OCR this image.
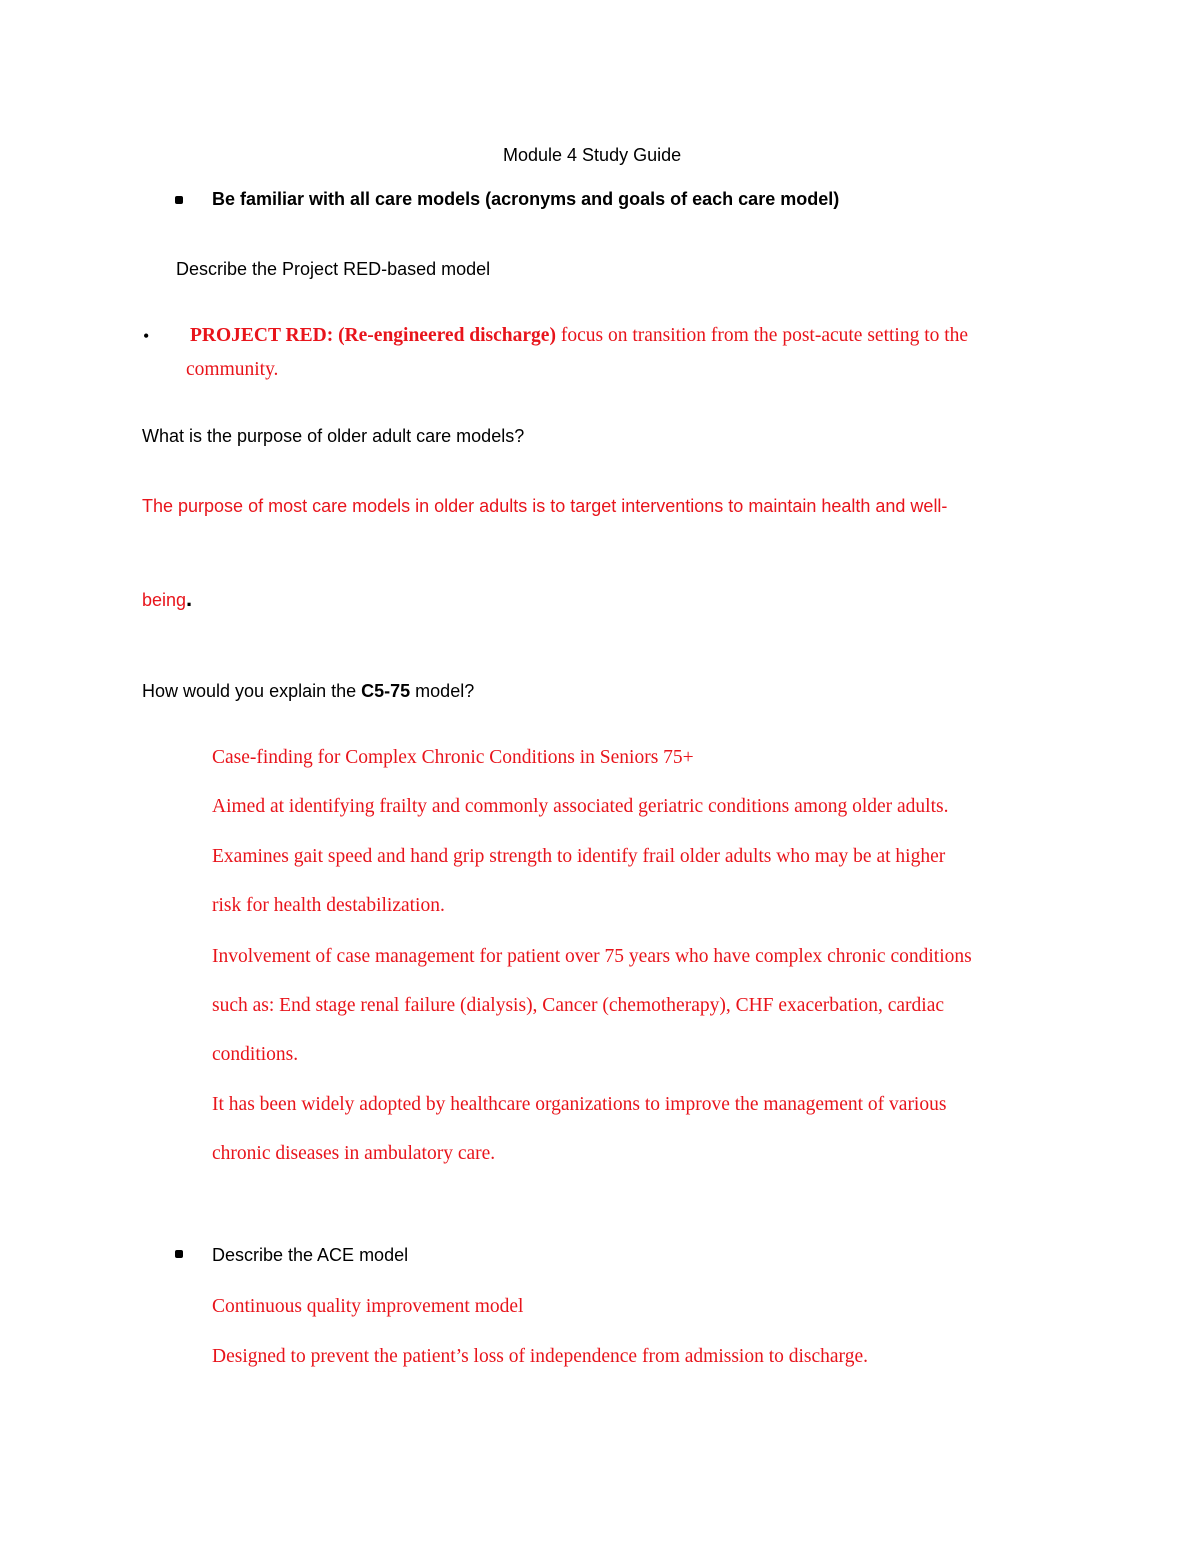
Module 4 Study Guide
Be familiar with all care models (acronyms and goals of each care model)
Describe the Project RED-based model
• PROJECT RED: (Re-engineered discharge) focus on transition from the post-acute setting to the
community.
What is the purpose of older adult care models?
The purpose of most care models in older adults is to target interventions to maintain health and well-
being.
How would you explain the C5-75 model?
Case-finding for Complex Chronic Conditions in Seniors 75+
Aimed at identifying frailty and commonly associated geriatric conditions among older adults.
Examines gait speed and hand grip strength to identify frail older adults who may be at higher
risk for health destabilization.
Involvement of case management for patient over 75 years who have complex chronic conditions
such as: End stage renal failure (dialysis), Cancer (chemotherapy), CHF exacerbation, cardiac
conditions.
It has been widely adopted by healthcare organizations to improve the management of various
chronic diseases in ambulatory care.
Describe the ACE model
Continuous quality improvement model
Designed to prevent the patient’s loss of independence from admission to discharge.
